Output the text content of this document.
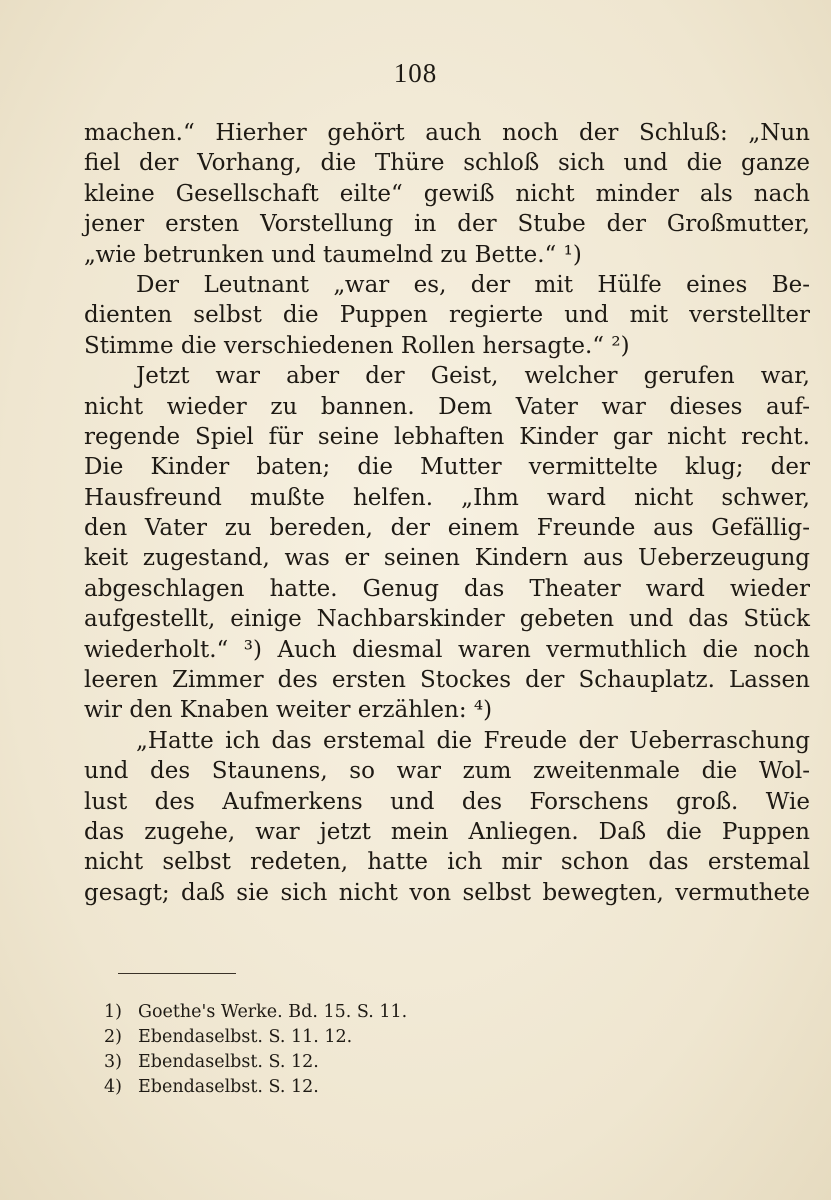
108
machen.“ Hierher gehört auch noch der Schluß: „Nun
fiel der Vorhang, die Thüre schloß sich und die ganze
kleine Gesellschaft eilte“ gewiß nicht minder als nach
jener ersten Vorstellung in der Stube der Großmutter,
„wie betrunken und taumelnd zu Bette.“ ¹)
Der Leutnant „war es, der mit Hülfe eines Be-
dienten selbst die Puppen regierte und mit verstellter
Stimme die verschiedenen Rollen hersagte.“ ²)
Jetzt war aber der Geist, welcher gerufen war,
nicht wieder zu bannen. Dem Vater war dieses auf-
regende Spiel für seine lebhaften Kinder gar nicht recht.
Die Kinder baten; die Mutter vermittelte klug; der
Hausfreund mußte helfen. „Ihm ward nicht schwer,
den Vater zu bereden, der einem Freunde aus Gefällig-
keit zugestand, was er seinen Kindern aus Ueberzeugung
abgeschlagen hatte. Genug das Theater ward wieder
aufgestellt, einige Nachbarskinder gebeten und das Stück
wiederholt.“ ³) Auch diesmal waren vermuthlich die noch
leeren Zimmer des ersten Stockes der Schauplatz. Lassen
wir den Knaben weiter erzählen: ⁴)
„Hatte ich das erstemal die Freude der Ueberraschung
und des Staunens, so war zum zweitenmale die Wol-
lust des Aufmerkens und des Forschens groß. Wie
das zugehe, war jetzt mein Anliegen. Daß die Puppen
nicht selbst redeten, hatte ich mir schon das erstemal
gesagt; daß sie sich nicht von selbst bewegten, vermuthete
1) Goethe's Werke. Bd. 15. S. 11.
2) Ebendaselbst. S. 11. 12.
3) Ebendaselbst. S. 12.
4) Ebendaselbst. S. 12.
